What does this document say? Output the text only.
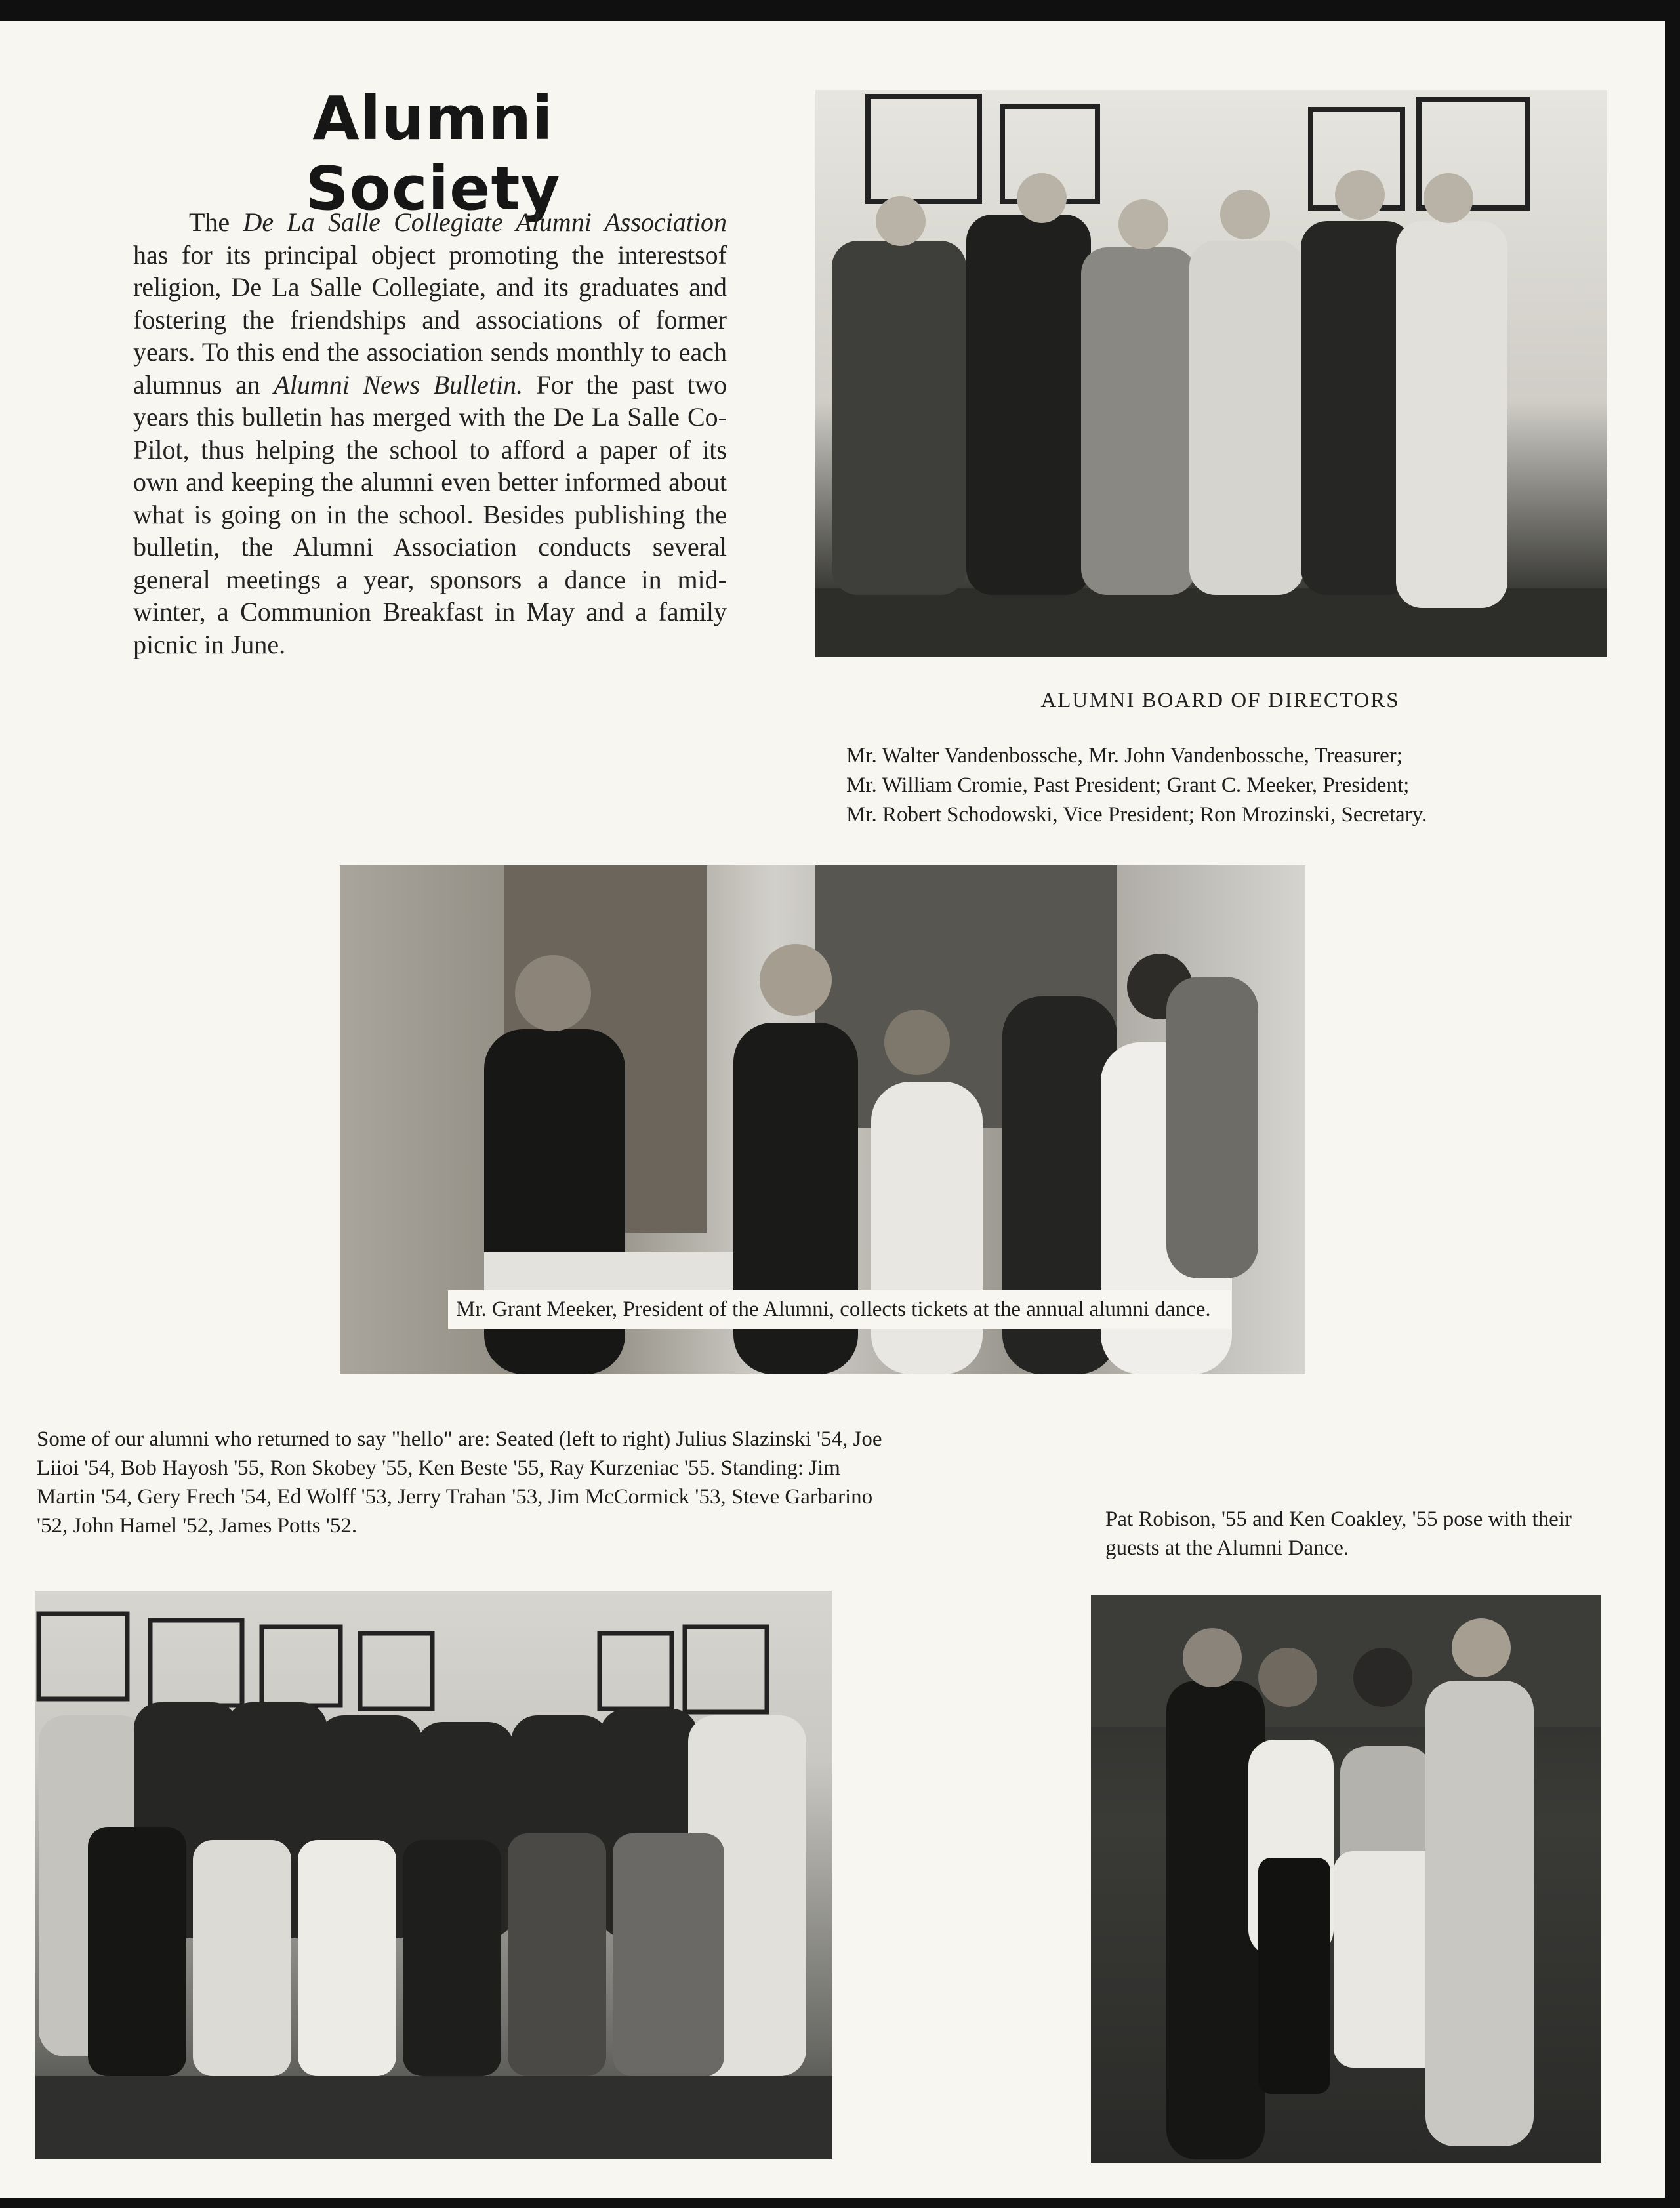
Alumni Society

The De La Salle Collegiate Alumni Association has for its principal object promoting the interestsof religion, De La Salle Collegiate, and its graduates and fostering the friendships and associations of former years. To this end the association sends monthly to each alumnus an Alumni News Bulletin. For the past two years this bulletin has merged with the De La Salle Co-Pilot, thus helping the school to afford a paper of its own and keeping the alumni even better informed about what is going on in the school. Besides publishing the bulletin, the Alumni Association conducts several general meetings a year, sponsors a dance in mid-winter, a Communion Breakfast in May and a family picnic in June.

ALUMNI BOARD OF DIRECTORS
Mr. Walter Vandenbossche, Mr. John Vandenbossche, Treasurer;
Mr. William Cromie, Past President; Grant C. Meeker, President;
Mr. Robert Schodowski, Vice President; Ron Mrozinski, Secretary.
Mr. Grant Meeker, President of the Alumni, collects tickets at the annual alumni dance.
Some of our alumni who returned to say "hello" are: Seated (left to right) Julius Slazinski '54, Joe Liioi '54, Bob Hayosh '55, Ron Skobey '55, Ken Beste '55, Ray Kurzeniac '55. Standing: Jim Martin '54, Gery Frech '54, Ed Wolff '53, Jerry Trahan '53, Jim McCormick '53, Steve Garbarino '52, John Hamel '52, James Potts '52.	Pat Robison, '55 and Ken Coakley, '55 pose with their guests at the Alumni Dance.
